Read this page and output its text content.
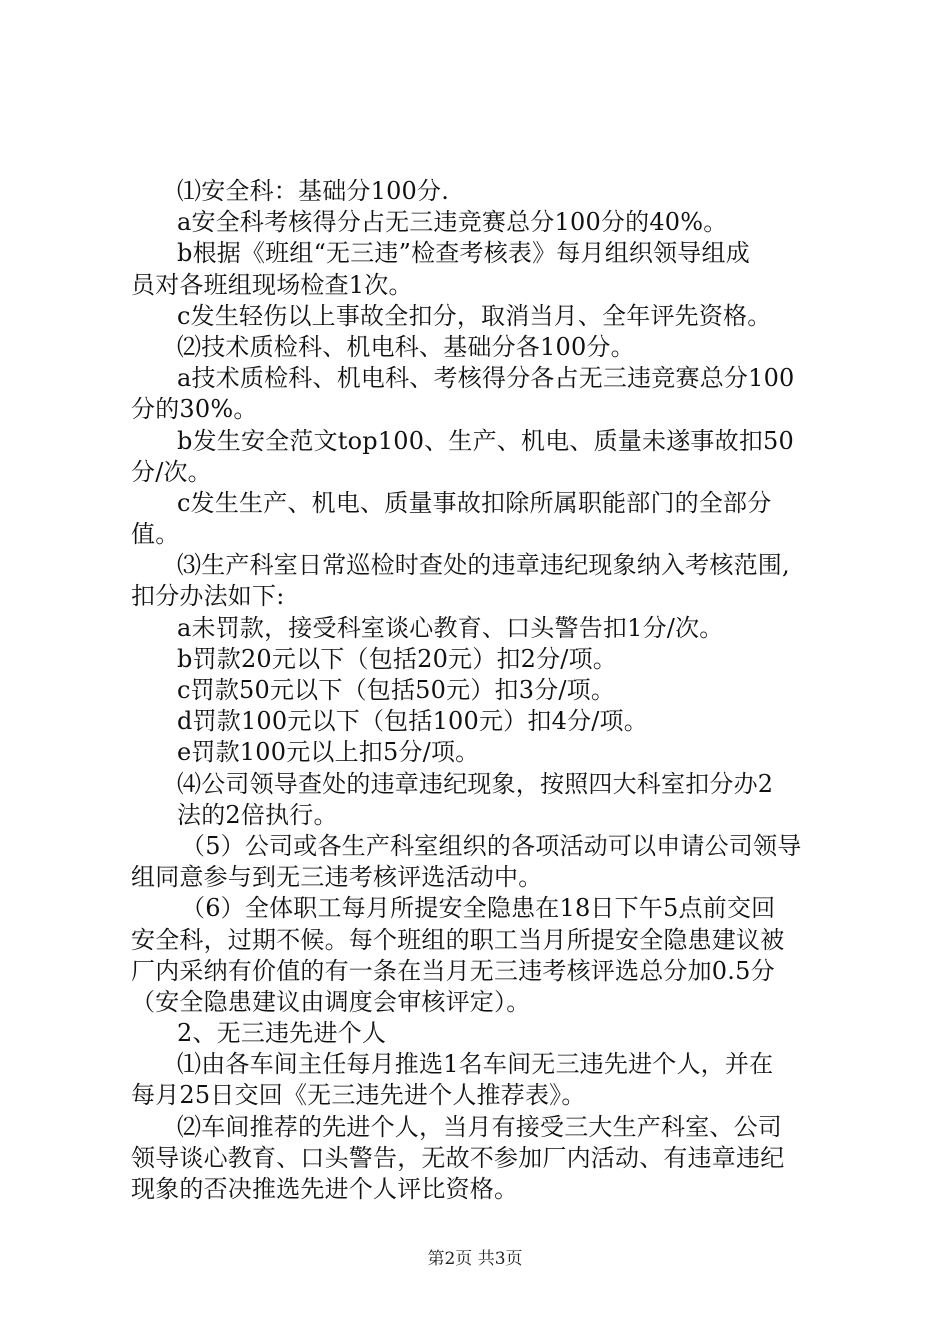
⑴安全科：基础分100分.
a安全科考核得分占无三违竞赛总分100分的40%。
b根据《班组“无三违”检查考核表》每月组织领导组成
员对各班组现场检查1次。
c发生轻伤以上事故全扣分，取消当月、全年评先资格。
⑵技术质检科、机电科、基础分各100分。
a技术质检科、机电科、考核得分各占无三违竞赛总分100
分的30%。
b发生安全范文top100、生产、机电、质量未遂事故扣50
分/次。
c发生生产、机电、质量事故扣除所属职能部门的全部分
值。
⑶生产科室日常巡检时查处的违章违纪现象纳入考核范围,
扣分办法如下:
a未罚款，接受科室谈心教育、口头警告扣1分/次。
b罚款20元以下（包括20元）扣2分/项。
c罚款50元以下（包括50元）扣3分/项。
d罚款100元以下（包括100元）扣4分/项。
e罚款100元以上扣5分/项。
⑷公司领导查处的违章违纪现象，按照四大科室扣分办2
法的2倍执行。
（5）公司或各生产科室组织的各项活动可以申请公司领导
组同意参与到无三违考核评选活动中。
（6）全体职工每月所提安全隐患在18日下午5点前交回
安全科，过期不候。每个班组的职工当月所提安全隐患建议被
厂内采纳有价值的有一条在当月无三违考核评选总分加0.5分
（安全隐患建议由调度会审核评定）。
2、无三违先进个人
⑴由各车间主任每月推选1名车间无三违先进个人，并在
每月25日交回《无三违先进个人推荐表》。
⑵车间推荐的先进个人，当月有接受三大生产科室、公司
领导谈心教育、口头警告，无故不参加厂内活动、有违章违纪
现象的否决推选先进个人评比资格。
第2页 共3页
